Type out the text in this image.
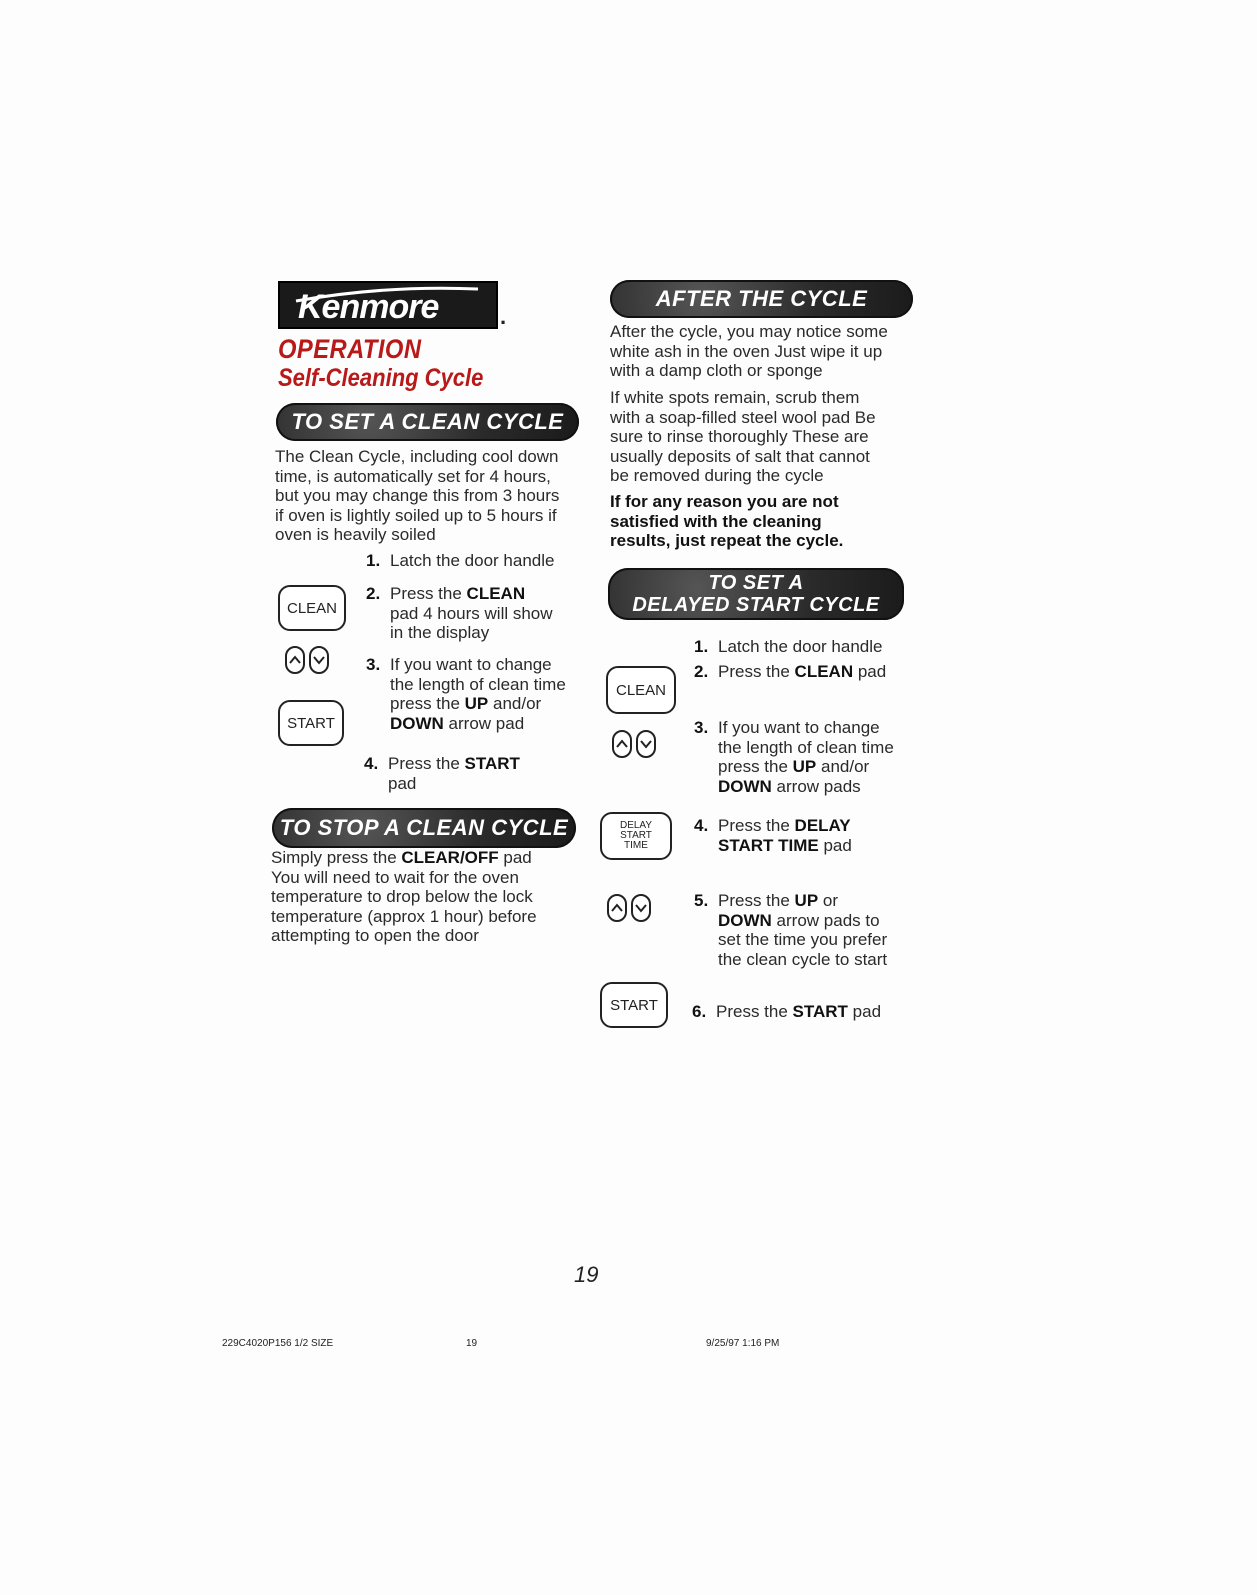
Kenmore	.
OPERATION
Self-Cleaning Cycle
TO SET A CLEAN CYCLE
The Clean Cycle, including cool down
time, is automatically set for 4 hours,
but you may change this from 3 hours
if oven is lightly soiled up to 5 hours if
oven is heavily soiled
1. Latch the door handle
CLEAN
2. Press the CLEAN
pad 4 hours will show
in the display
START
3. If you want to change
the length of clean time
press the UP and/or
DOWN arrow pad
4. Press the START
pad
TO STOP A CLEAN CYCLE
Simply press the CLEAR/OFF pad
You will need to wait for the oven
temperature to drop below the lock
temperature (approx 1 hour) before
attempting to open the door
AFTER THE CYCLE
After the cycle, you may notice some
white ash in the oven Just wipe it up
with a damp cloth or sponge
If white spots remain, scrub them
with a soap-filled steel wool pad Be
sure to rinse thoroughly These are
usually deposits of salt that cannot
be removed during the cycle
If for any reason you are not
satisfied with the cleaning
results, just repeat the cycle.
TO SET A
DELAYED START CYCLE
1. Latch the door handle
CLEAN
2. Press the CLEAN pad
3. If you want to change
the length of clean time
press the UP and/or
DOWN arrow pads
DELAY
START
TIME
4. Press the DELAY
START TIME pad
5. Press the UP or
DOWN arrow pads to
set the time you prefer
the clean cycle to start
START 6. Press the START pad
19
229C4020P156 1/2 SIZE	19	9/25/97 1:16 PM
